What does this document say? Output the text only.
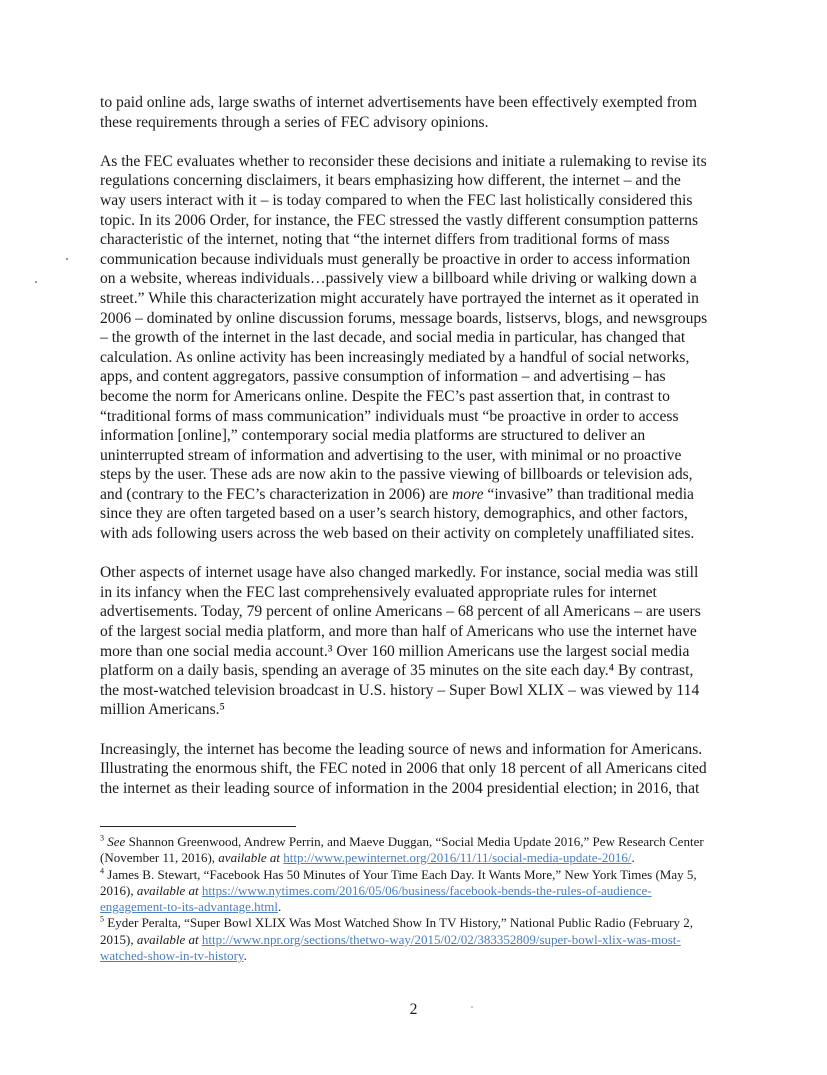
to paid online ads, large swaths of internet advertisements have been effectively exempted from
these requirements through a series of FEC advisory opinions.

As the FEC evaluates whether to reconsider these decisions and initiate a rulemaking to revise its
regulations concerning disclaimers, it bears emphasizing how different, the internet – and the
way users interact with it – is today compared to when the FEC last holistically considered this
topic. In its 2006 Order, for instance, the FEC stressed the vastly different consumption patterns
characteristic of the internet, noting that “the internet differs from traditional forms of mass
communication because individuals must generally be proactive in order to access information
on a website, whereas individuals…passively view a billboard while driving or walking down a
street.” While this characterization might accurately have portrayed the internet as it operated in
2006 – dominated by online discussion forums, message boards, listservs, blogs, and newsgroups
– the growth of the internet in the last decade, and social media in particular, has changed that
calculation. As online activity has been increasingly mediated by a handful of social networks,
apps, and content aggregators, passive consumption of information – and advertising – has
become the norm for Americans online. Despite the FEC’s past assertion that, in contrast to
“traditional forms of mass communication” individuals must “be proactive in order to access
information [online],” contemporary social media platforms are structured to deliver an
uninterrupted stream of information and advertising to the user, with minimal or no proactive
steps by the user. These ads are now akin to the passive viewing of billboards or television ads,
and (contrary to the FEC’s characterization in 2006) are more “invasive” than traditional media
since they are often targeted based on a user’s search history, demographics, and other factors,
with ads following users across the web based on their activity on completely unaffiliated sites.

Other aspects of internet usage have also changed markedly. For instance, social media was still
in its infancy when the FEC last comprehensively evaluated appropriate rules for internet
advertisements. Today, 79 percent of online Americans – 68 percent of all Americans – are users
of the largest social media platform, and more than half of Americans who use the internet have
more than one social media account.³ Over 160 million Americans use the largest social media
platform on a daily basis, spending an average of 35 minutes on the site each day.⁴ By contrast,
the most-watched television broadcast in U.S. history – Super Bowl XLIX – was viewed by 114
million Americans.⁵

Increasingly, the internet has become the leading source of news and information for Americans.
Illustrating the enormous shift, the FEC noted in 2006 that only 18 percent of all Americans cited
the internet as their leading source of information in the 2004 presidential election; in 2016, that

$^3$ See Shannon Greenwood, Andrew Perrin, and Maeve Duggan, “Social Media Update 2016,” Pew Research Center
(November 11, 2016), available at http://www.pewinternet.org/2016/11/11/social-media-update-2016/.

$^4$ James B. Stewart, “Facebook Has 50 Minutes of Your Time Each Day. It Wants More,” New York Times (May 5,
2016), available at https://www.nytimes.com/2016/05/06/business/facebook-bends-the-rules-of-audience-
engagement-to-its-advantage.html.

$^5$ Eyder Peralta, “Super Bowl XLIX Was Most Watched Show In TV History,” National Public Radio (February 2,
2015), available at http://www.npr.org/sections/thetwo-way/2015/02/02/383352809/super-bowl-xlix-was-most-
watched-show-in-tv-history.

2
